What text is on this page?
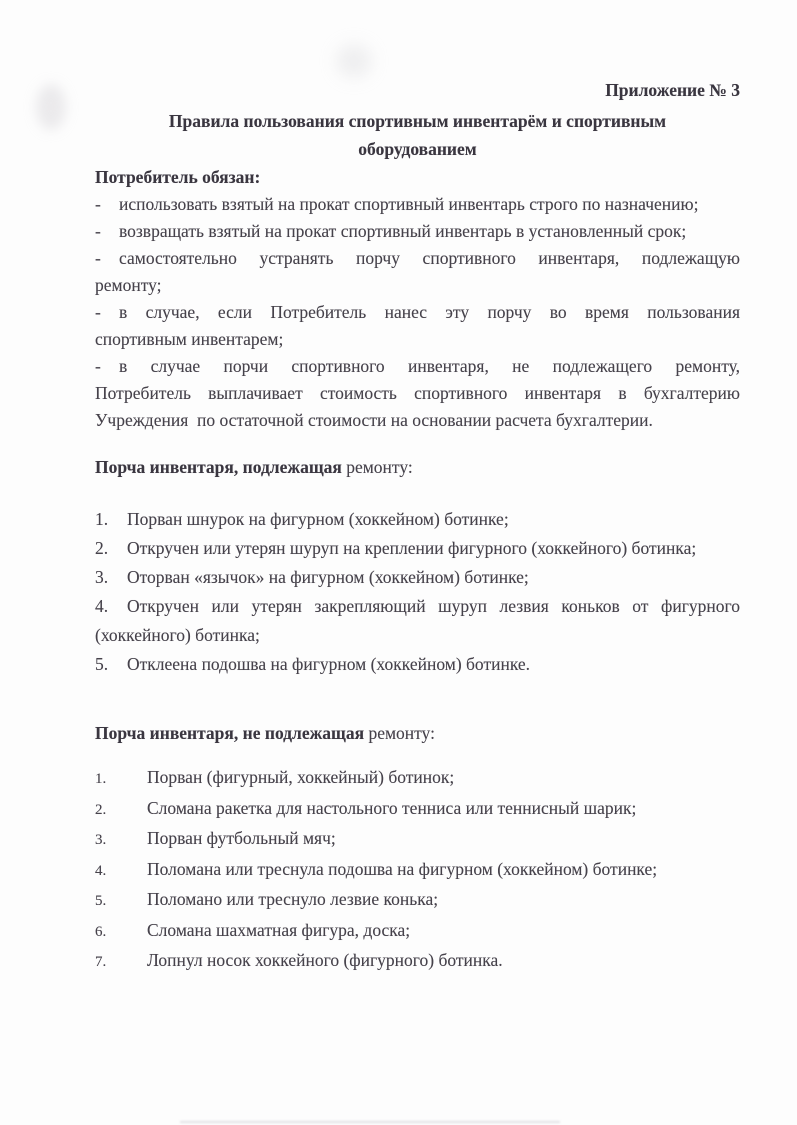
Приложение № 3
Правила пользования спортивным инвентарём и спортивным
оборудованием
Потребитель обязан:
- использовать взятый на прокат спортивный инвентарь строго по назначению;
- возвращать взятый на прокат спортивный инвентарь в установленный срок;
- самостоятельно устранять порчу спортивного инвентаря, подлежащую
ремонту;
- в случае, если Потребитель нанес эту порчу во время пользования
спортивным инвентарем;
- в случае порчи спортивного инвентаря, не подлежащего ремонту,
Потребитель выплачивает стоимость спортивного инвентаря в бухгалтерию
Учреждения  по остаточной стоимости на основании расчета бухгалтерии.
Порча инвентаря, подлежащая ремонту:
1. Порван шнурок на фигурном (хоккейном) ботинке;
2. Откручен или утерян шуруп на креплении фигурного (хоккейного) ботинка;
3. Оторван «язычок» на фигурном (хоккейном) ботинке;
4. Откручен или утерян закрепляющий шуруп лезвия коньков от фигурного
(хоккейного) ботинка;
5. Отклеена подошва на фигурном (хоккейном) ботинке.
Порча инвентаря, не подлежащая ремонту:
1. Порван (фигурный, хоккейный) ботинок;
2. Сломана ракетка для настольного тенниса или теннисный шарик;
3. Порван футбольный мяч;
4. Поломана или треснула подошва на фигурном (хоккейном) ботинке;
5. Поломано или треснуло лезвие конька;
6. Сломана шахматная фигура, доска;
7. Лопнул носок хоккейного (фигурного) ботинка.
